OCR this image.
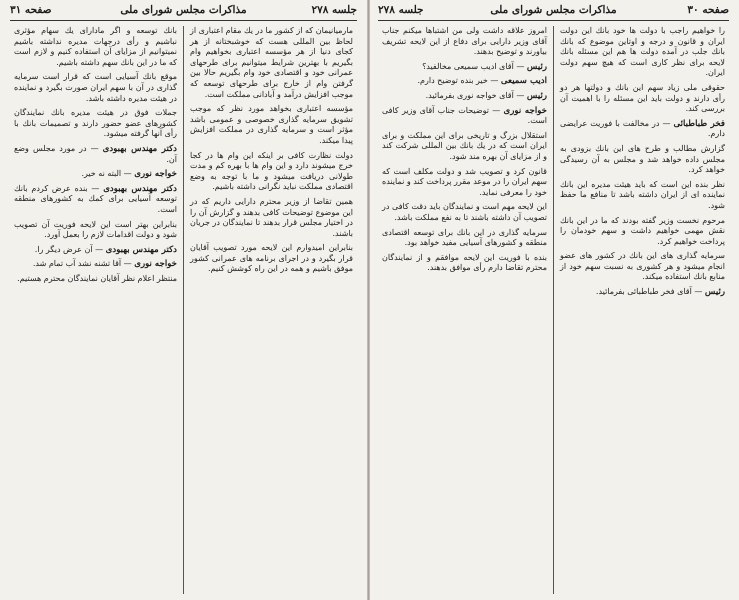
صفحه ۳۱	مذاکرات مجلس شورای ملی	جلسه ۲۷۸

مارمیانیمان که از کشور ما در یك مقام اعتباری از لحاظ بین المللی هست که خوشبختانه از هر کجای دنیا از هر مؤسسه اعتباری بخواهیم وام بگیریم با بهترین شرایط میتوانیم برای طرحهای عمرانی خود و اقتصادی خود وام بگیریم حالا بین گرفتن وام از خارج برای طرحهای توسعه که موجب افزایش درآمد و آبادانی مملکت است.

مؤسسه اعتباری بخواهد مورد نظر که موجب تشویق سرمایه گذاری خصوصی و عمومی باشد مؤثر است و سرمایه گذاری در مملکت افزایش پیدا میکند.

دولت نظارت کافی بر اینکه این وام ها در کجا خرج میشوند دارد و این وام ها با بهره کم و مدت طولانی دریافت میشود و ما با توجه به وضع اقتصادی مملکت نباید نگرانی داشته باشیم.

همین تقاضا از وزیر محترم دارایی داریم که در این موضوع توضیحات کافی بدهند و گزارش آن را در اختیار مجلس قرار بدهند تا نمایندگان در جریان باشند.

بنابراین امیدوارم این لایحه مورد تصویب آقایان قرار بگیرد و در اجرای برنامه های عمرانی کشور موفق باشیم و همه در این راه کوشش کنیم.

بانك توسعه و اگر مادارای یك سهام مؤثری نباشیم و رأی درجهات مدیره نداشته باشیم نمیتوانیم از مزایای آن استفاده کنیم و لازم است که ما در این بانك سهم داشته باشیم.

موقع بانك آسیایی است که قرار است سرمایه گذاری در آن با سهم ایران صورت بگیرد و نماینده در هیئت مدیره داشته باشد.

جملات فوق در هیئت مدیره بانك نمایندگان کشورهای عضو حضور دارند و تصمیمات بانك با رأی آنها گرفته میشود.

دکتر مهندس بهبودی — در مورد مجلس وضع آن.

خواجه نوری — البته نه خیر.

دکتر مهندس بهبودی — بنده عرض کردم بانك توسعه آسیایی برای کمك به کشورهای منطقه است.

بنابراین بهتر است این لایحه فوریت آن تصویب شود و دولت اقدامات لازم را بعمل آورد.

دکتر مهندس بهبودی — آن عرض دیگر را.

خواجه نوری — آقا تشنه نشد آب تمام شد.

منتظر اعلام نظر آقایان نمایندگان محترم هستیم.

جلسه ۲۷۸	مذاکرات مجلس شورای ملی	صفحه ۳۰

را خواهیم راجب با دولت ها خود بانك این دولت ایران و قانون و درجه و اوتاین موضوع که بانك بانك جلب در آمده دولت ها هم این مسئله بانك لایحه برای نظر کاری است که هیچ سهم دولت ایران.

حقوقی ملی زیاد سهم این بانك و دولتها هر دو رأی دارند و دولت باید این مسئله را با اهمیت آن بررسی کند.

فخر طباطبائی — در مخالفت با فوریت عرایضی دارم.

گزارش مطالب و طرح های این بانك بزودی به مجلس داده خواهد شد و مجلس به آن رسیدگی خواهد کرد.

نظر بنده این است که باید هیئت مدیره این بانك نماینده ای از ایران داشته باشد تا منافع ما حفظ شود.

مرحوم نخست وزیر گفته بودند که ما در این بانك نقش مهمی خواهیم داشت و سهم خودمان را پرداخت خواهیم کرد.

سرمایه گذاری های این بانك در کشور های عضو انجام میشود و هر کشوری به نسبت سهم خود از منابع بانك استفاده میکند.

رئیس — آقای فخر طباطبائی بفرمائید.

امروز علاقه داشت ولی من اشتباها میکنم جناب آقای وزیر دارایی برای دفاع از این لایحه تشریف بیاورند و توضیح بدهند.

رئیس — آقای ادیب سمیعی مخالفید؟

ادیب سمیعی — خیر بنده توضیح دارم.

رئیس — آقای خواجه نوری بفرمائید.

خواجه نوری — توضیحات جناب آقای وزیر کافی است.

استقلال بزرگ و تاریخی برای این مملکت و برای ایران است که در یك بانك بین المللی شرکت کند و از مزایای آن بهره مند شود.

قانون کرد و تصویب شد و دولت مکلف است که سهم ایران را در موعد مقرر پرداخت کند و نماینده خود را معرفی نماید.

این لایحه مهم است و نمایندگان باید دقت کافی در تصویب آن داشته باشند تا به نفع مملکت باشد.

سرمایه گذاری در این بانك برای توسعه اقتصادی منطقه و کشورهای آسیایی مفید خواهد بود.

بنده با فوریت این لایحه موافقم و از نمایندگان محترم تقاضا دارم رأی موافق بدهند.
